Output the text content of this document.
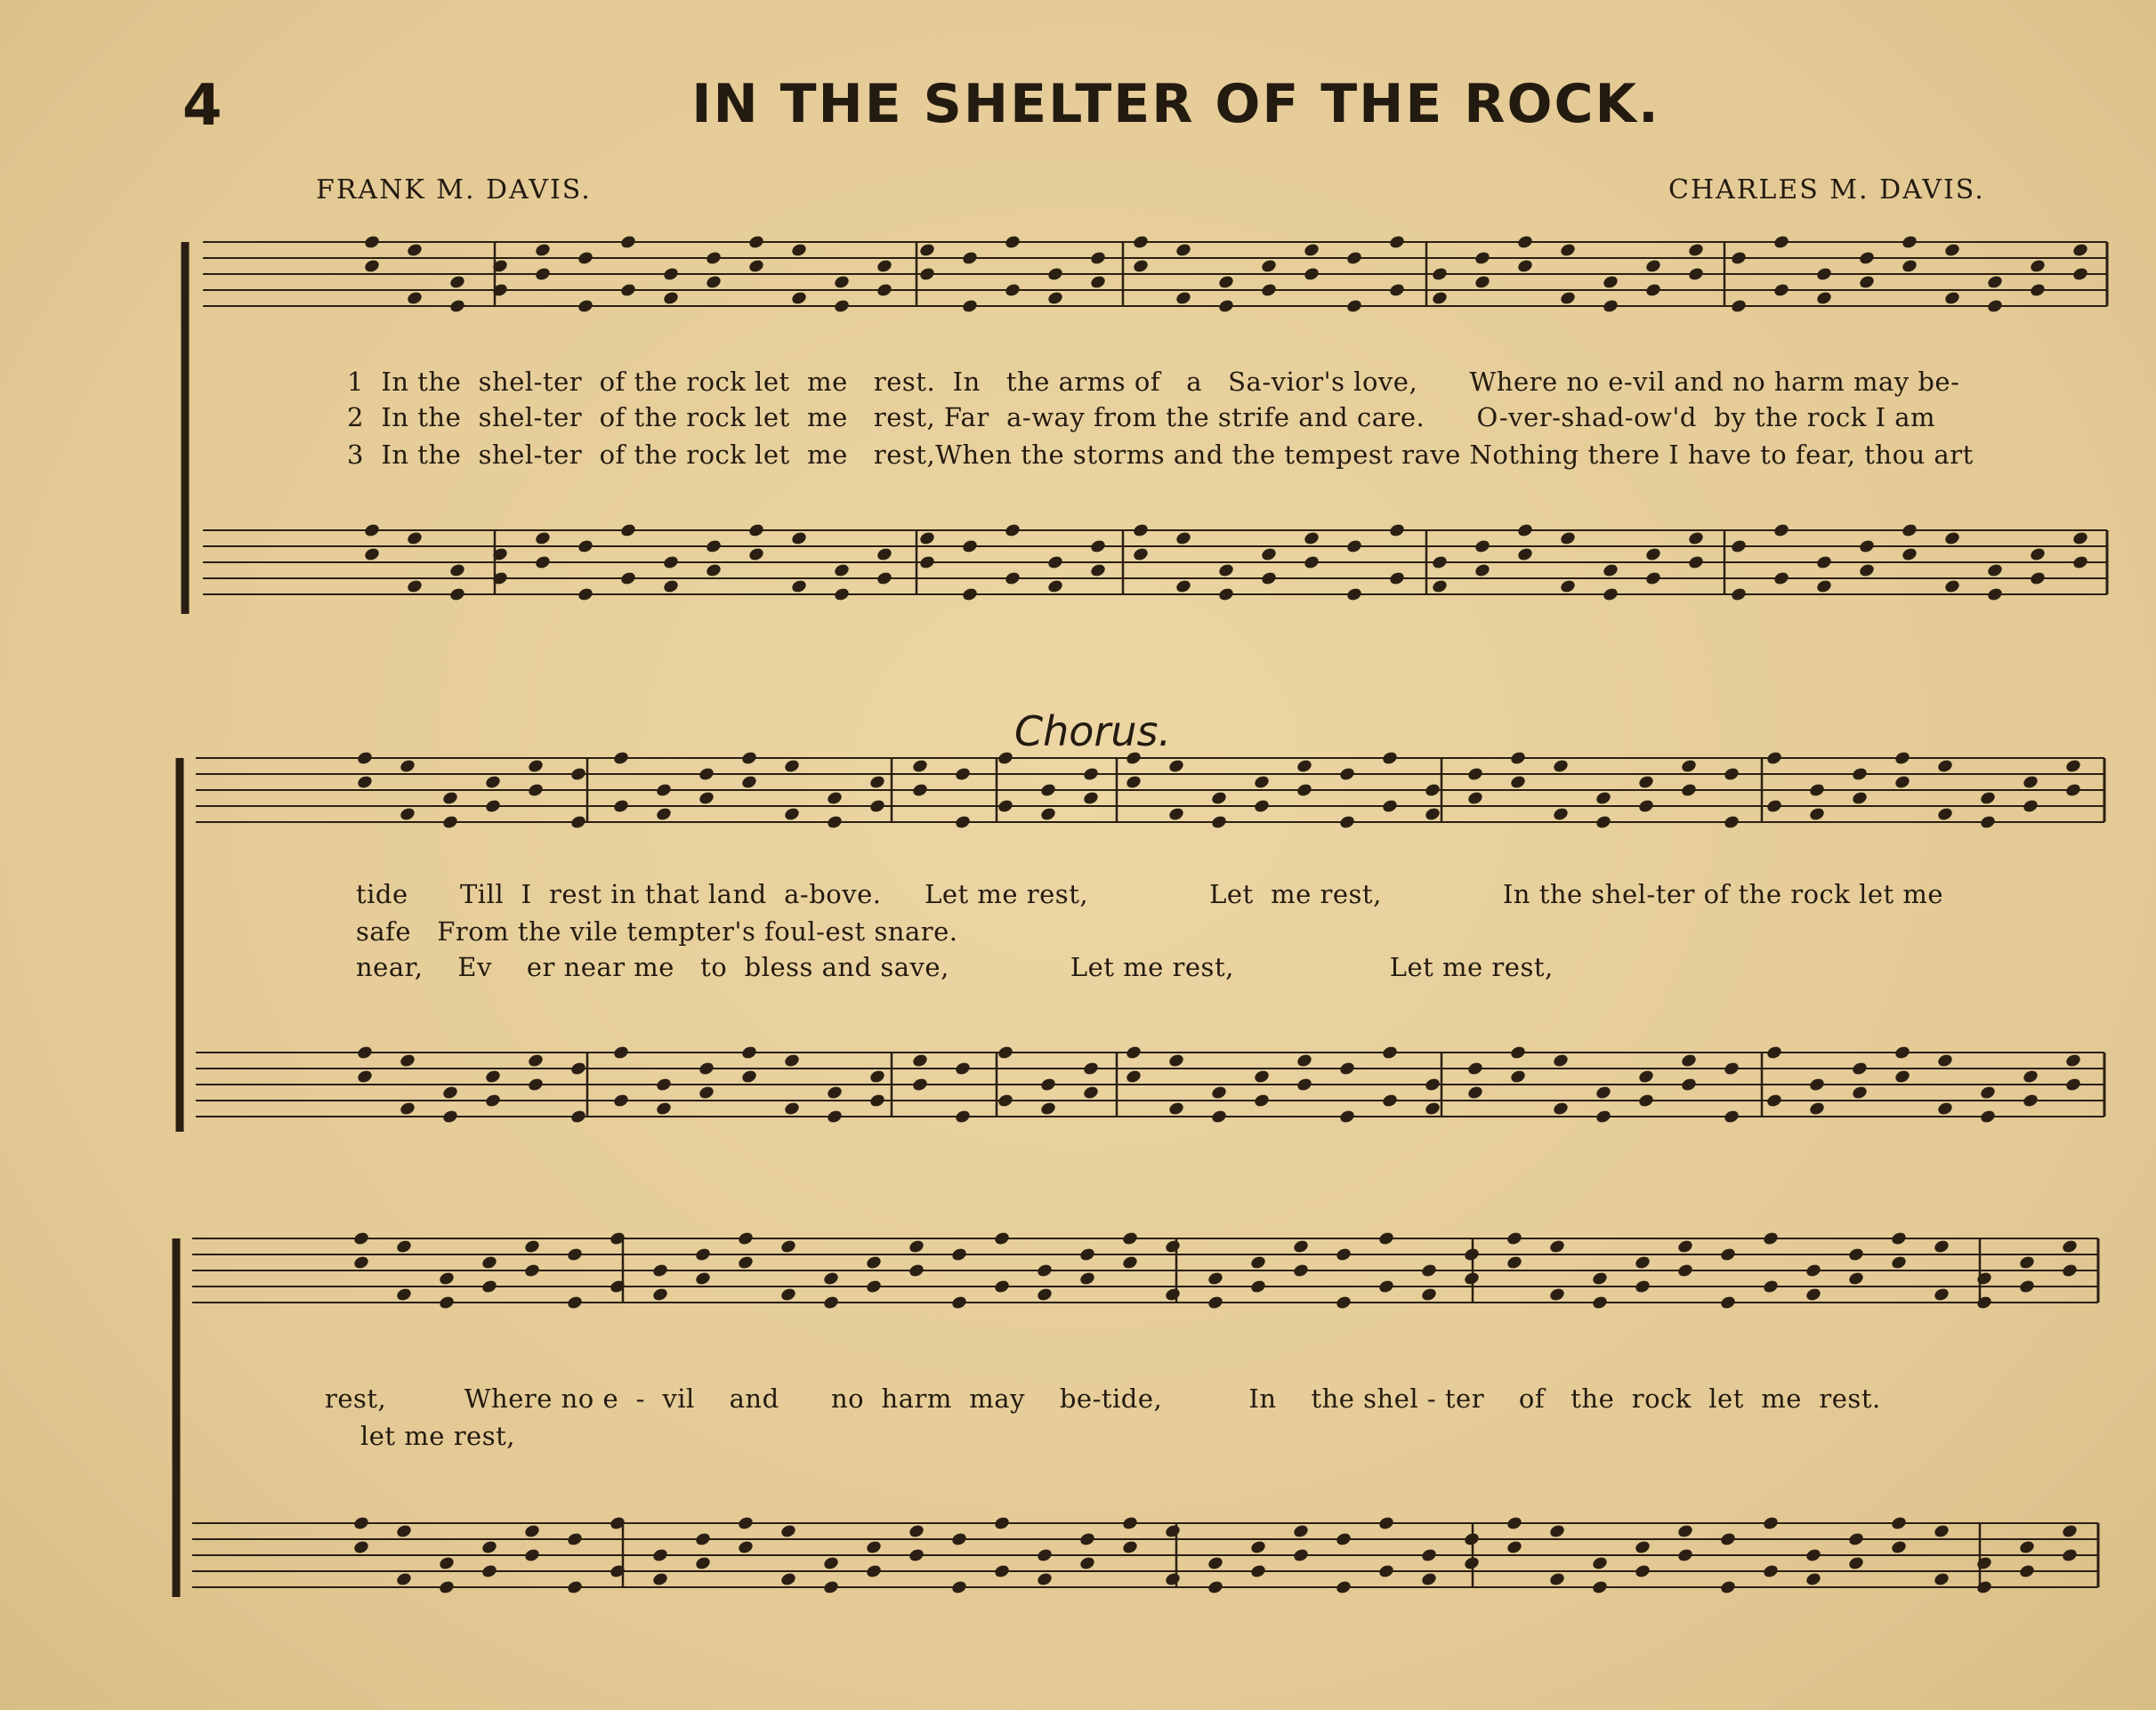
4	IN THE SHELTER OF THE ROCK.
FRANK M. DAVIS.	CHARLES M. DAVIS.
Chorus.
1  In the  shel-ter  of the rock let  me   rest.  In   the arms of   a   Sa-vior's love,      Where no e-vil and no harm may be-
2  In the  shel-ter  of the rock let  me   rest, Far  a-way from the strife and care.      O-ver-shad-ow'd  by the rock I am
3  In the  shel-ter  of the rock let  me   rest,When the storms and the tempest rave Nothing there I have to fear, thou art
tide      Till  I  rest in that land  a-bove.     Let me rest,              Let  me rest,              In the shel-ter of the rock let me
safe   From the vile tempter's foul-est snare.
near,    Ev    er near me   to  bless and save,              Let me rest,                  Let me rest,
rest,         Where no e  -  vil    and      no  harm  may    be-tide,          In    the shel - ter    of   the  rock  let  me  rest.
let me rest,
